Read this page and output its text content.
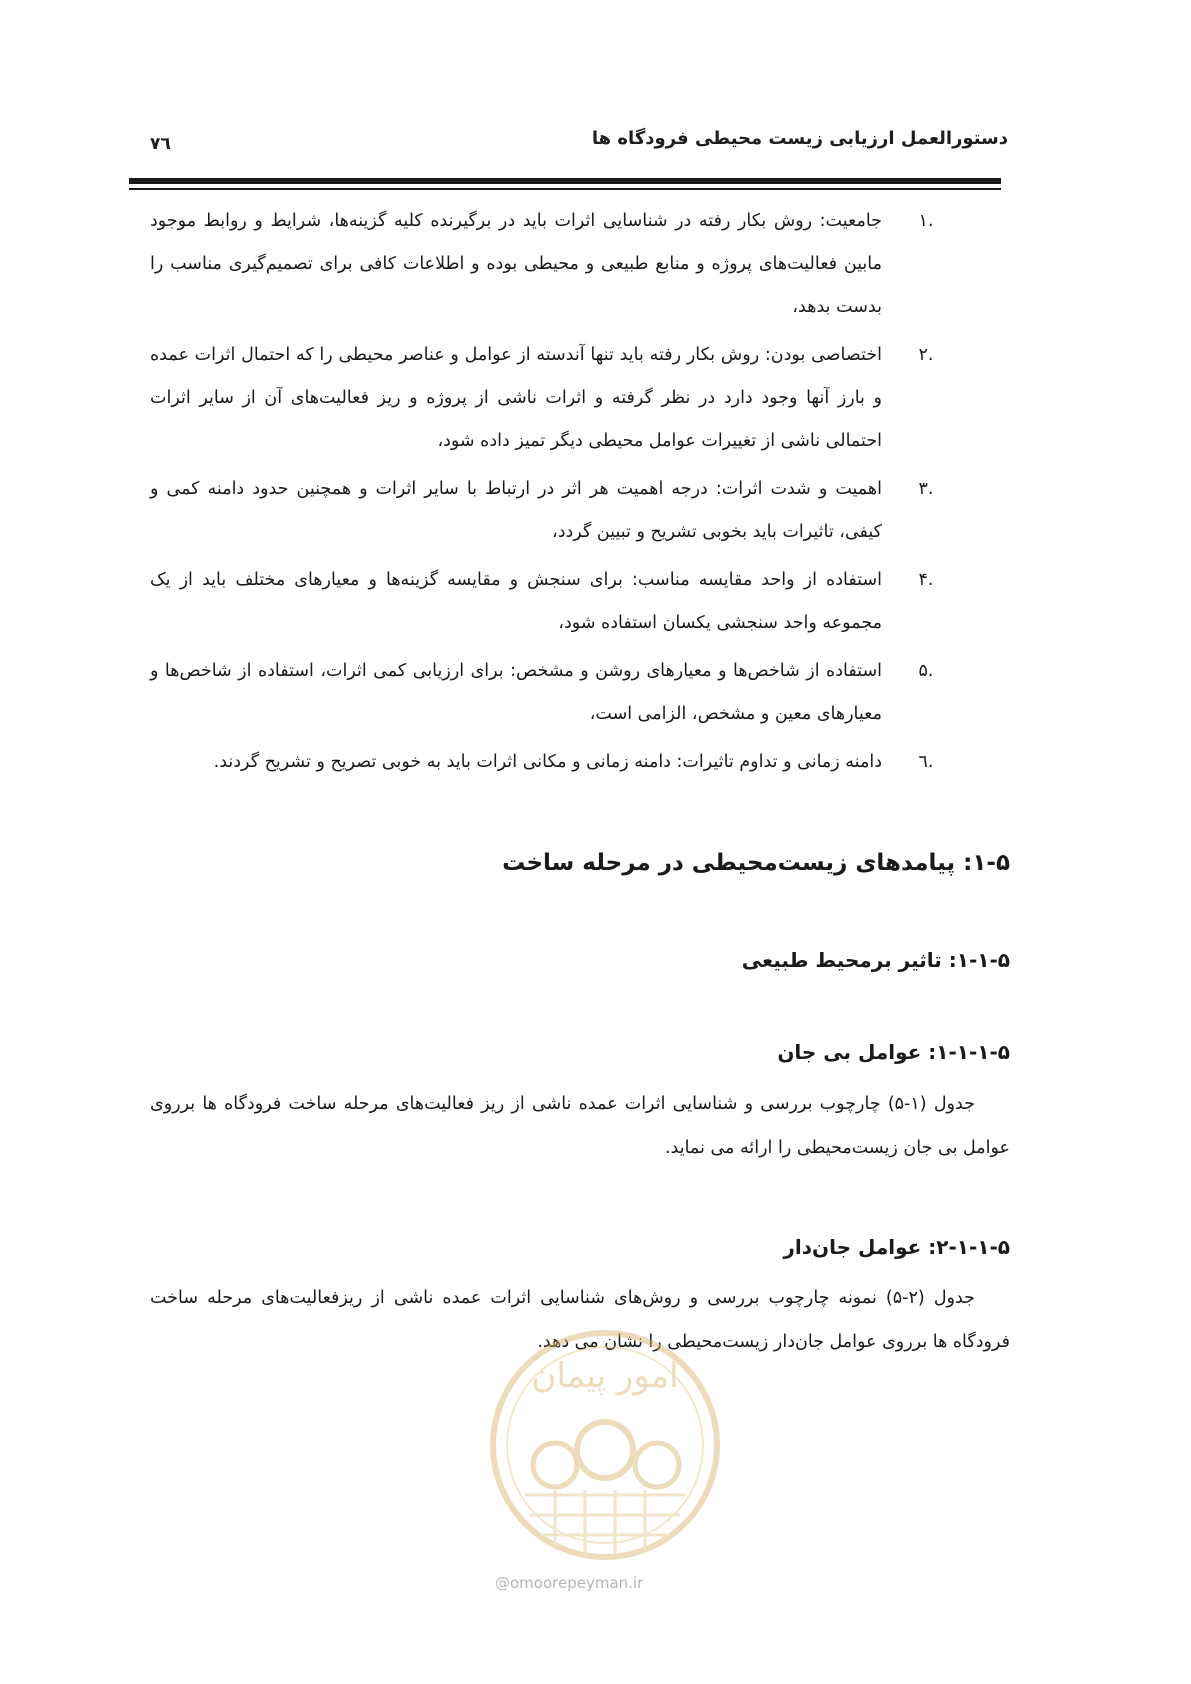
دستورالعمل ارزیابی زیست محیطی فرودگاه ها
۷٦
.۱
جامعیت: روش بکار رفته در شناسایی اثرات باید در برگیرنده کلیه گزینه‌ها، شرایط و روابط موجود مابین فعالیت‌های پروژه و منابع طبیعی و محیطی بوده و اطلاعات کافی برای تصمیم‌گیری مناسب را بدست بدهد،
.۲
اختصاصی بودن: روش بکار رفته باید تنها آندسته از عوامل و عناصر محیطی را که احتمال اثرات عمده و بارز آنها وجود دارد در نظر گرفته و اثرات ناشی از پروژه و ریز فعالیت‌های آن از سایر اثرات احتمالی ناشی از تغییرات عوامل محیطی دیگر تمیز داده شود،
.۳
اهمیت و شدت اثرات: درجه اهمیت هر اثر در ارتباط با سایر اثرات و همچنین حدود دامنه کمی و کیفی، تاثیرات باید بخوبی تشریح و تبیین گردد،
.۴
استفاده از واحد مقایسه مناسب: برای سنجش و مقایسه گزینه‌ها و معیارهای مختلف باید از یک مجموعه واحد سنجشی یکسان استفاده شود،
.۵
استفاده از شاخص‌ها و معیارهای روشن و مشخص: برای ارزیابی کمی اثرات، استفاده از شاخص‌ها و معیارهای معین و مشخص، الزامی است،
.٦
دامنه زمانی و تداوم تاثیرات: دامنه زمانی و مکانی اثرات باید به خوبی تصریح و تشریح گردند.
۱-۵: پیامدهای زیست‌محیطی در مرحله ساخت
۱-۱-۵: تاثیر برمحیط طبیعی
۱-۱-۱-۵: عوامل بی جان

جدول (۱-۵) چارچوب بررسی و شناسایی اثرات عمده ناشی از ریز فعالیت‌های مرحله ساخت فرودگاه ها برروی عوامل بی جان زیست‌محیطی را ارائه می نماید.

۲-۱-۱-۵: عوامل جان‌دار

جدول (۲-۵) نمونه چارچوب بررسی و روش‌های شناسایی اثرات عمده ناشی از ریزفعالیت‌های مرحله ساخت فرودگاه ها برروی عوامل جان‌دار زیست‌محیطی را نشان می دهد.

امور پیمان
@omoorepeyman.ir
